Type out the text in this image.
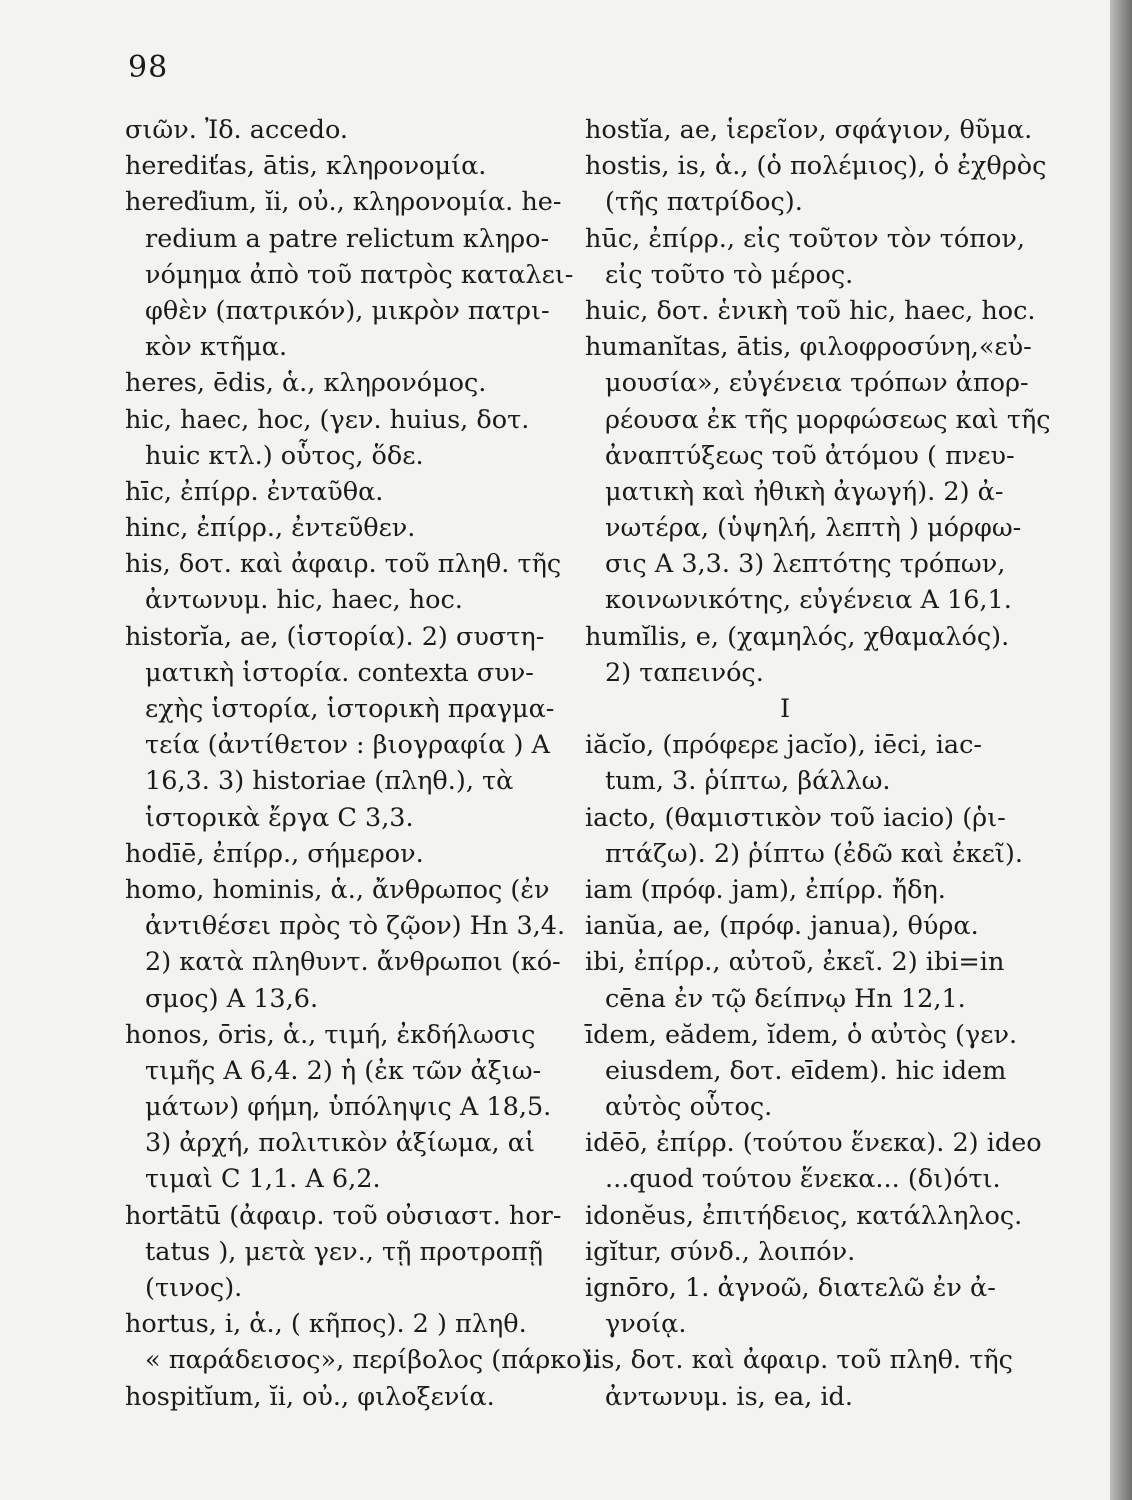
98
σιῶν. Ἰδ. accedo.
herediťas, ātis, κληρονομία.
hereďium, ĭi, οὐ., κληρονομία. he-
redium a patre relictum κληρο-
νόμημα ἀπὸ τοῦ πατρὸς καταλει-
φθὲν (πατρικόν), μικρὸν πατρι-
κὸν κτῆμα.
heres, ēdis, ἁ., κληρονόμος.
hic, haec, hoc, (γεν. huius, δοτ.
huic κτλ.) οὗτος, ὅδε.
hīc, ἐπίρρ. ἐνταῦθα.
hinc, ἐπίρρ., ἐντεῦθεν.
his, δοτ. καὶ ἀφαιρ. τοῦ πληθ. τῆς
ἀντωνυμ. hic, haec, hoc.
historĭa, ae, (ἱστορία). 2) συστη-
ματικὴ ἱστορία. contexta συν-
εχὴς ἱστορία, ἱστορικὴ πραγμα-
τεία (ἀντίθετον : βιογραφία ) A
16,3. 3) historiae (πληθ.), τὰ
ἱστορικὰ ἔργα C 3,3.
hodīē, ἐπίρρ., σήμερον.
homo, hominis, ἁ., ἄνθρωπος (ἐν
ἀντιθέσει πρὸς τὸ ζῷον) Hn 3,4.
2) κατὰ πληθυντ. ἄνθρωποι (κό-
σμος) A 13,6.
honos, ōris, ἁ., τιμή, ἐκδήλωσις
τιμῆς A 6,4. 2) ἡ (ἐκ τῶν ἀξιω-
μάτων) φήμη, ὑπόληψις A 18,5.
3) ἀρχή, πολιτικὸν ἀξίωμα, αἱ
τιμαὶ C 1,1. A 6,2.
hortātū (ἀφαιρ. τοῦ οὐσιαστ. hor-
tatus ), μετὰ γεν., τῇ προτροπῇ
(τινος).
hortus, i, ἁ., ( κῆπος). 2 ) πληθ.
« παράδεισος», περίβολος (πάρκο).
hospitĭum, ĭi, οὐ., φιλοξενία.
hostĭa, ae, ἱερεῖον, σφάγιον, θῦμα.
hostis, is, ἁ., (ὁ πολέμιος), ὁ ἐχθρὸς
(τῆς πατρίδος).
hūc, ἐπίρρ., εἰς τοῦτον τὸν τόπον,
εἰς τοῦτο τὸ μέρος.
huic, δοτ. ἑνικὴ τοῦ hic, haec, hoc.
humanĭtas, ātis, φιλοφροσύνη,«εὐ-
μουσία», εὐγένεια τρόπων ἀπορ-
ρέουσα ἐκ τῆς μορφώσεως καὶ τῆς
ἀναπτύξεως τοῦ ἀτόμου ( πνευ-
ματικὴ καὶ ἠθικὴ ἀγωγή). 2) ἀ-
νωτέρα, (ὑψηλή, λεπτὴ ) μόρφω-
σις A 3,3. 3) λεπτότης τρόπων,
κοινωνικότης, εὐγένεια A 16,1.
humĭlis, e, (χαμηλός, χθαμαλός).
2) ταπεινός.
I
iăcĭo, (πρόφερε jacĭo), iēci, iac-
tum, 3. ῥίπτω, βάλλω.
iacto, (θαμιστικὸν τοῦ iacio) (ῥι-
πτάζω). 2) ῥίπτω (ἐδῶ καὶ ἐκεῖ).
iam (πρόφ. jam), ἐπίρρ. ἤδη.
ianŭa, ae, (πρόφ. janua), θύρα.
ibi, ἐπίρρ., αὐτοῦ, ἐκεῖ. 2) ibi=in
cēna ἐν τῷ δείπνῳ Hn 12,1.
īdem, eădem, ĭdem, ὁ αὐτὸς (γεν.
eiusdem, δοτ. eīdem). hic idem
αὐτὸς οὗτος.
idēō, ἐπίρρ. (τούτου ἕνεκα). 2) ideo
...quod τούτου ἕνεκα... (δι)ότι.
idonĕus, ἐπιτήδειος, κατάλληλος.
igĭtur, σύνδ., λοιπόν.
ignōro, 1. ἀγνοῶ, διατελῶ ἐν ἀ-
γνοίᾳ.
iis, δοτ. καὶ ἀφαιρ. τοῦ πληθ. τῆς
ἀντωνυμ. is, ea, id.
